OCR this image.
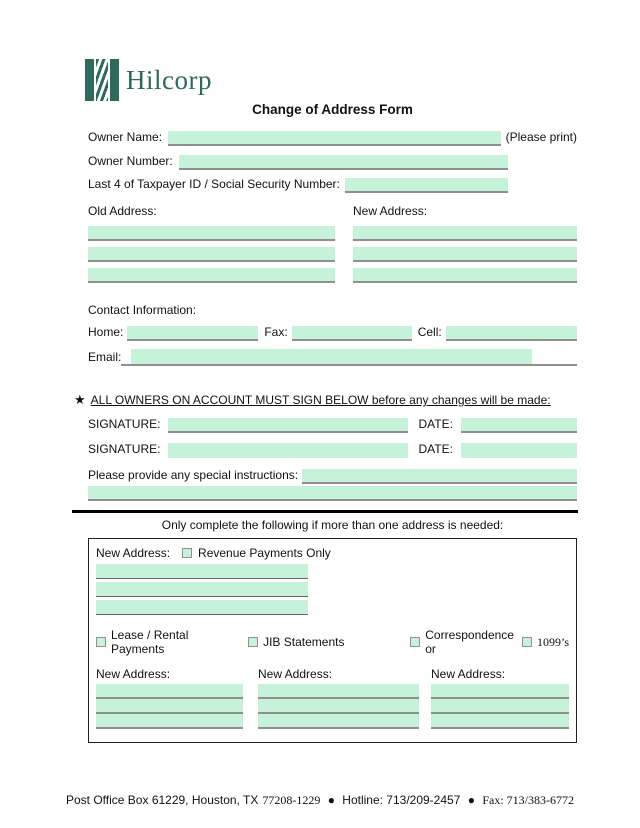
Hilcorp
Change of Address Form
Owner Name:	(Please print)
Owner Number:
Last 4 of Taxpayer ID / Social Security Number:
Old Address:	New Address:
Contact Information:
Home:	Fax:	Cell:
Email:
★ ALL OWNERS ON ACCOUNT MUST SIGN BELOW before any changes will be made:
SIGNATURE:	DATE:
SIGNATURE:	DATE:
Please provide any special instructions:
Only complete the following if more than one address is needed:
New Address: Revenue Payments Only
Lease / Rental Payments	JIB Statements	Correspondence or
1099’s
New Address:	New Address:	New Address:
Post Office Box 61229, Houston, TX 77208-1229 ● Hotline: 713/209-2457 ● Fax: 713/383-6772
